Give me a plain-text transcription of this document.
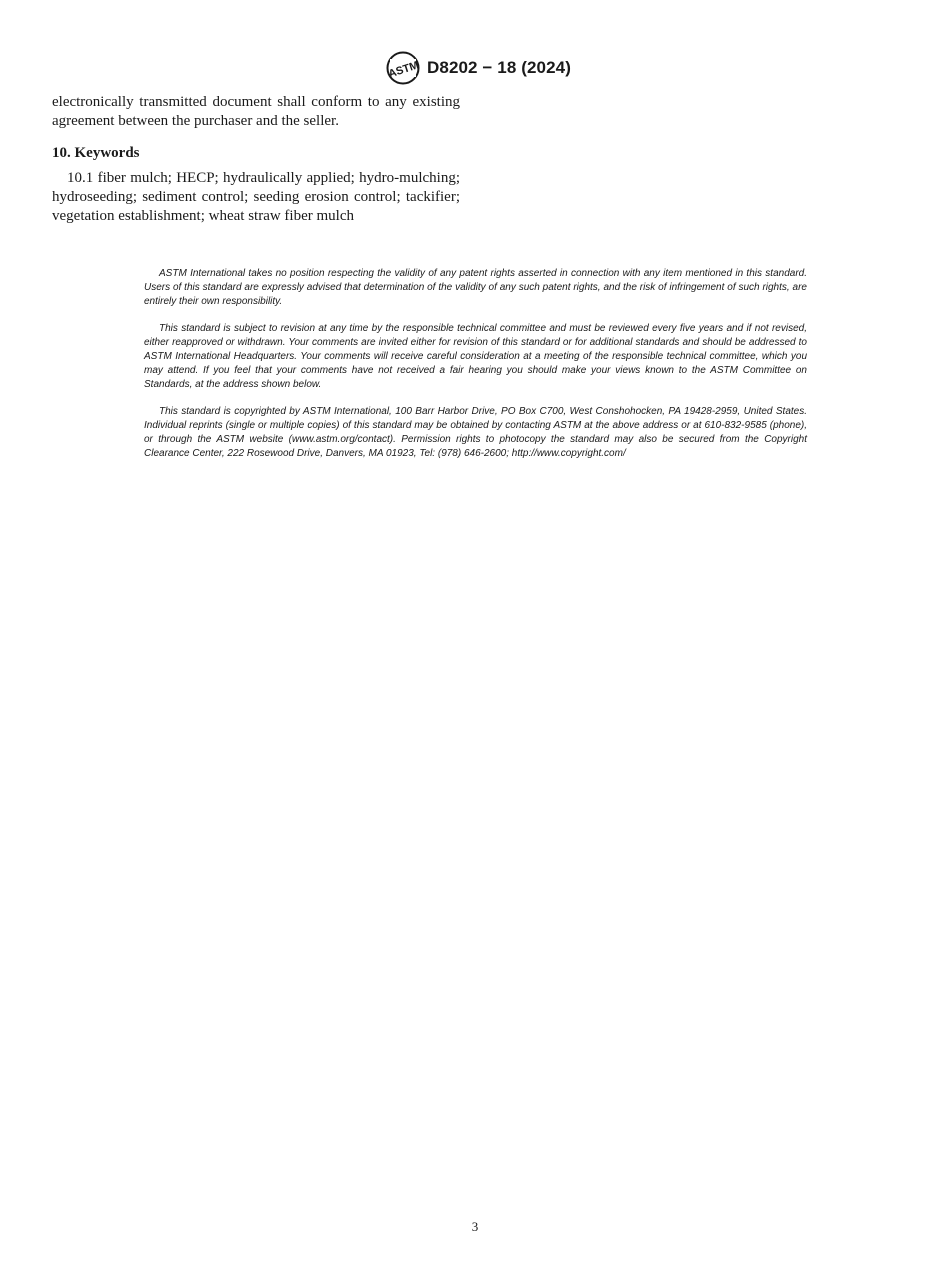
ASTM D8202 − 18 (2024)

electronically transmitted document shall conform to any existing agreement between the purchaser and the seller.

10. Keywords

10.1 fiber mulch; HECP; hydraulically applied; hydro-mulching; hydroseeding; sediment control; seeding erosion control; tackifier; vegetation establishment; wheat straw fiber mulch

ASTM International takes no position respecting the validity of any patent rights asserted in connection with any item mentioned in this standard. Users of this standard are expressly advised that determination of the validity of any such patent rights, and the risk of infringement of such rights, are entirely their own responsibility.

This standard is subject to revision at any time by the responsible technical committee and must be reviewed every five years and if not revised, either reapproved or withdrawn. Your comments are invited either for revision of this standard or for additional standards and should be addressed to ASTM International Headquarters. Your comments will receive careful consideration at a meeting of the responsible technical committee, which you may attend. If you feel that your comments have not received a fair hearing you should make your views known to the ASTM Committee on Standards, at the address shown below.

This standard is copyrighted by ASTM International, 100 Barr Harbor Drive, PO Box C700, West Conshohocken, PA 19428-2959, United States. Individual reprints (single or multiple copies) of this standard may be obtained by contacting ASTM at the above address or at 610-832-9585 (phone), or through the ASTM website (www.astm.org/contact). Permission rights to photocopy the standard may also be secured from the Copyright Clearance Center, 222 Rosewood Drive, Danvers, MA 01923, Tel: (978) 646-2600; http://www.copyright.com/

3
